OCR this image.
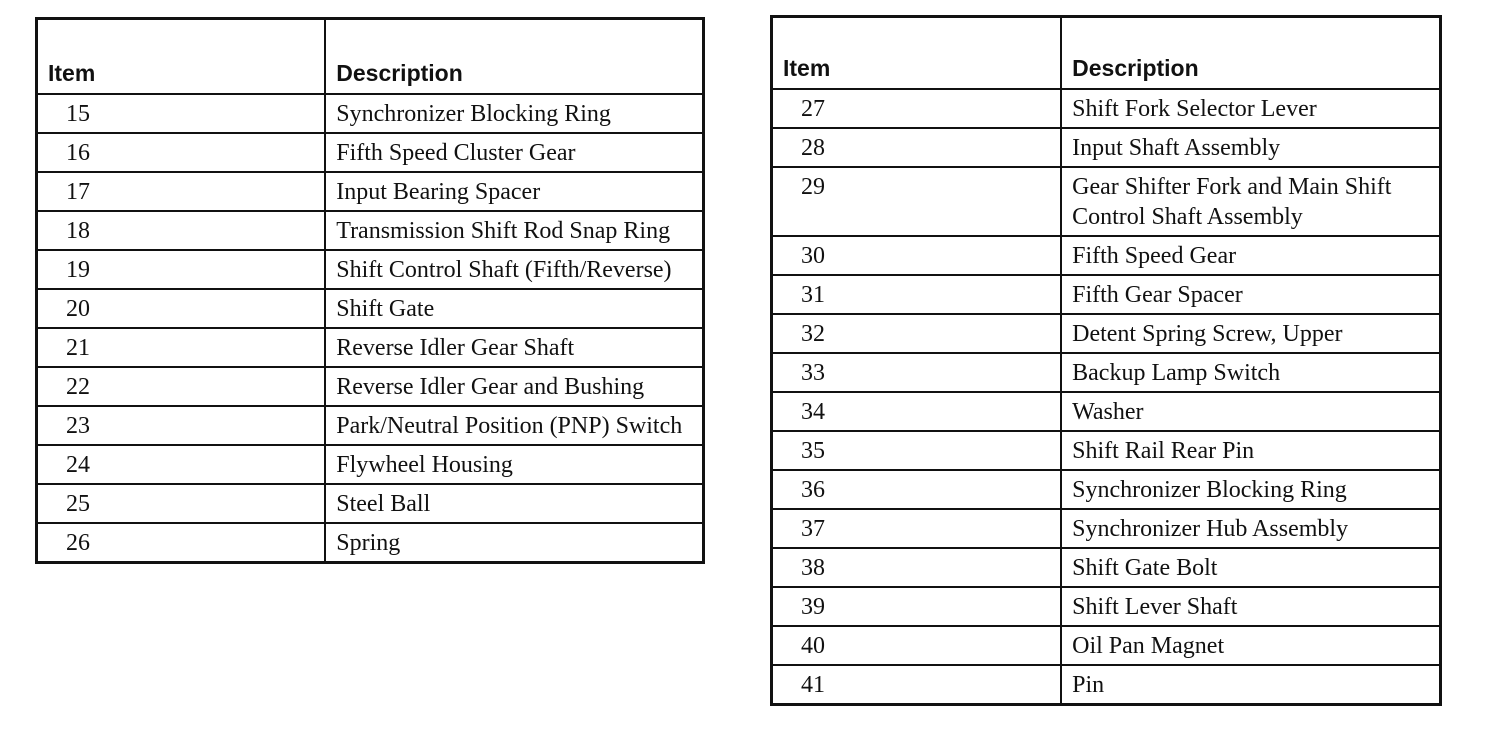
Item	Description
15	Synchronizer Blocking Ring
16	Fifth Speed Cluster Gear
17	Input Bearing Spacer
18	Transmission Shift Rod Snap Ring
19	Shift Control Shaft (Fifth/Reverse)
20	Shift Gate
21	Reverse Idler Gear Shaft
22	Reverse Idler Gear and Bushing
23	Park/Neutral Position (PNP) Switch
24	Flywheel Housing
25	Steel Ball
26	Spring
Item	Description
27	Shift Fork Selector Lever
28	Input Shaft Assembly
29	Gear Shifter Fork and Main Shift Control Shaft Assembly
30	Fifth Speed Gear
31	Fifth Gear Spacer
32	Detent Spring Screw, Upper
33	Backup Lamp Switch
34	Washer
35	Shift Rail Rear Pin
36	Synchronizer Blocking Ring
37	Synchronizer Hub Assembly
38	Shift Gate Bolt
39	Shift Lever Shaft
40	Oil Pan Magnet
41	Pin
